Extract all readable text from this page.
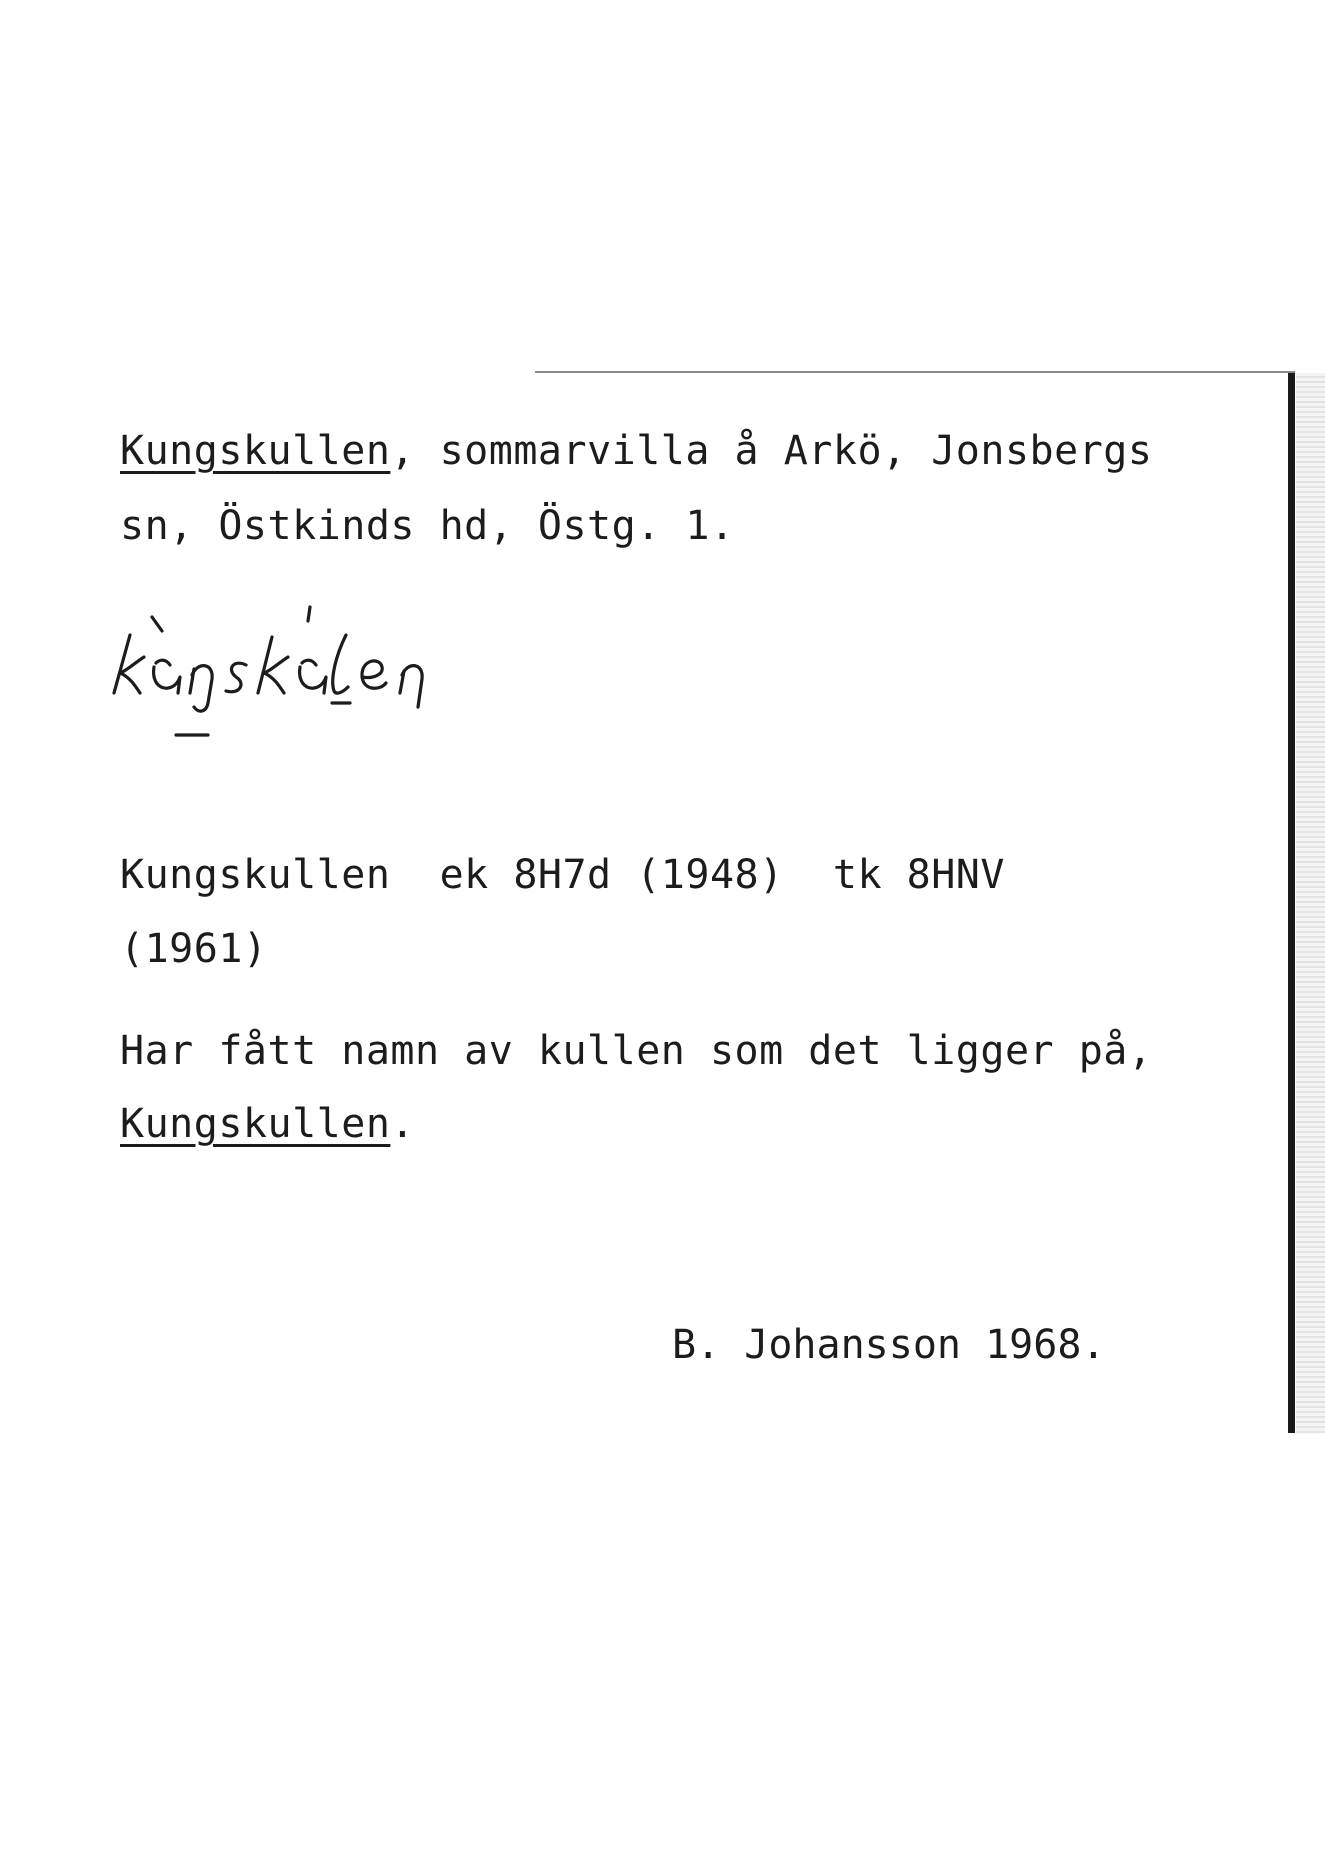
Kungskullen, sommarvilla å Arkö, Jonsbergs
sn, Östkinds hd, Östg. 1.
Kungskullen  ek 8H7d (1948)  tk 8HNV
(1961)
Har fått namn av kullen som det ligger på,
Kungskullen.
B. Johansson 1968.
